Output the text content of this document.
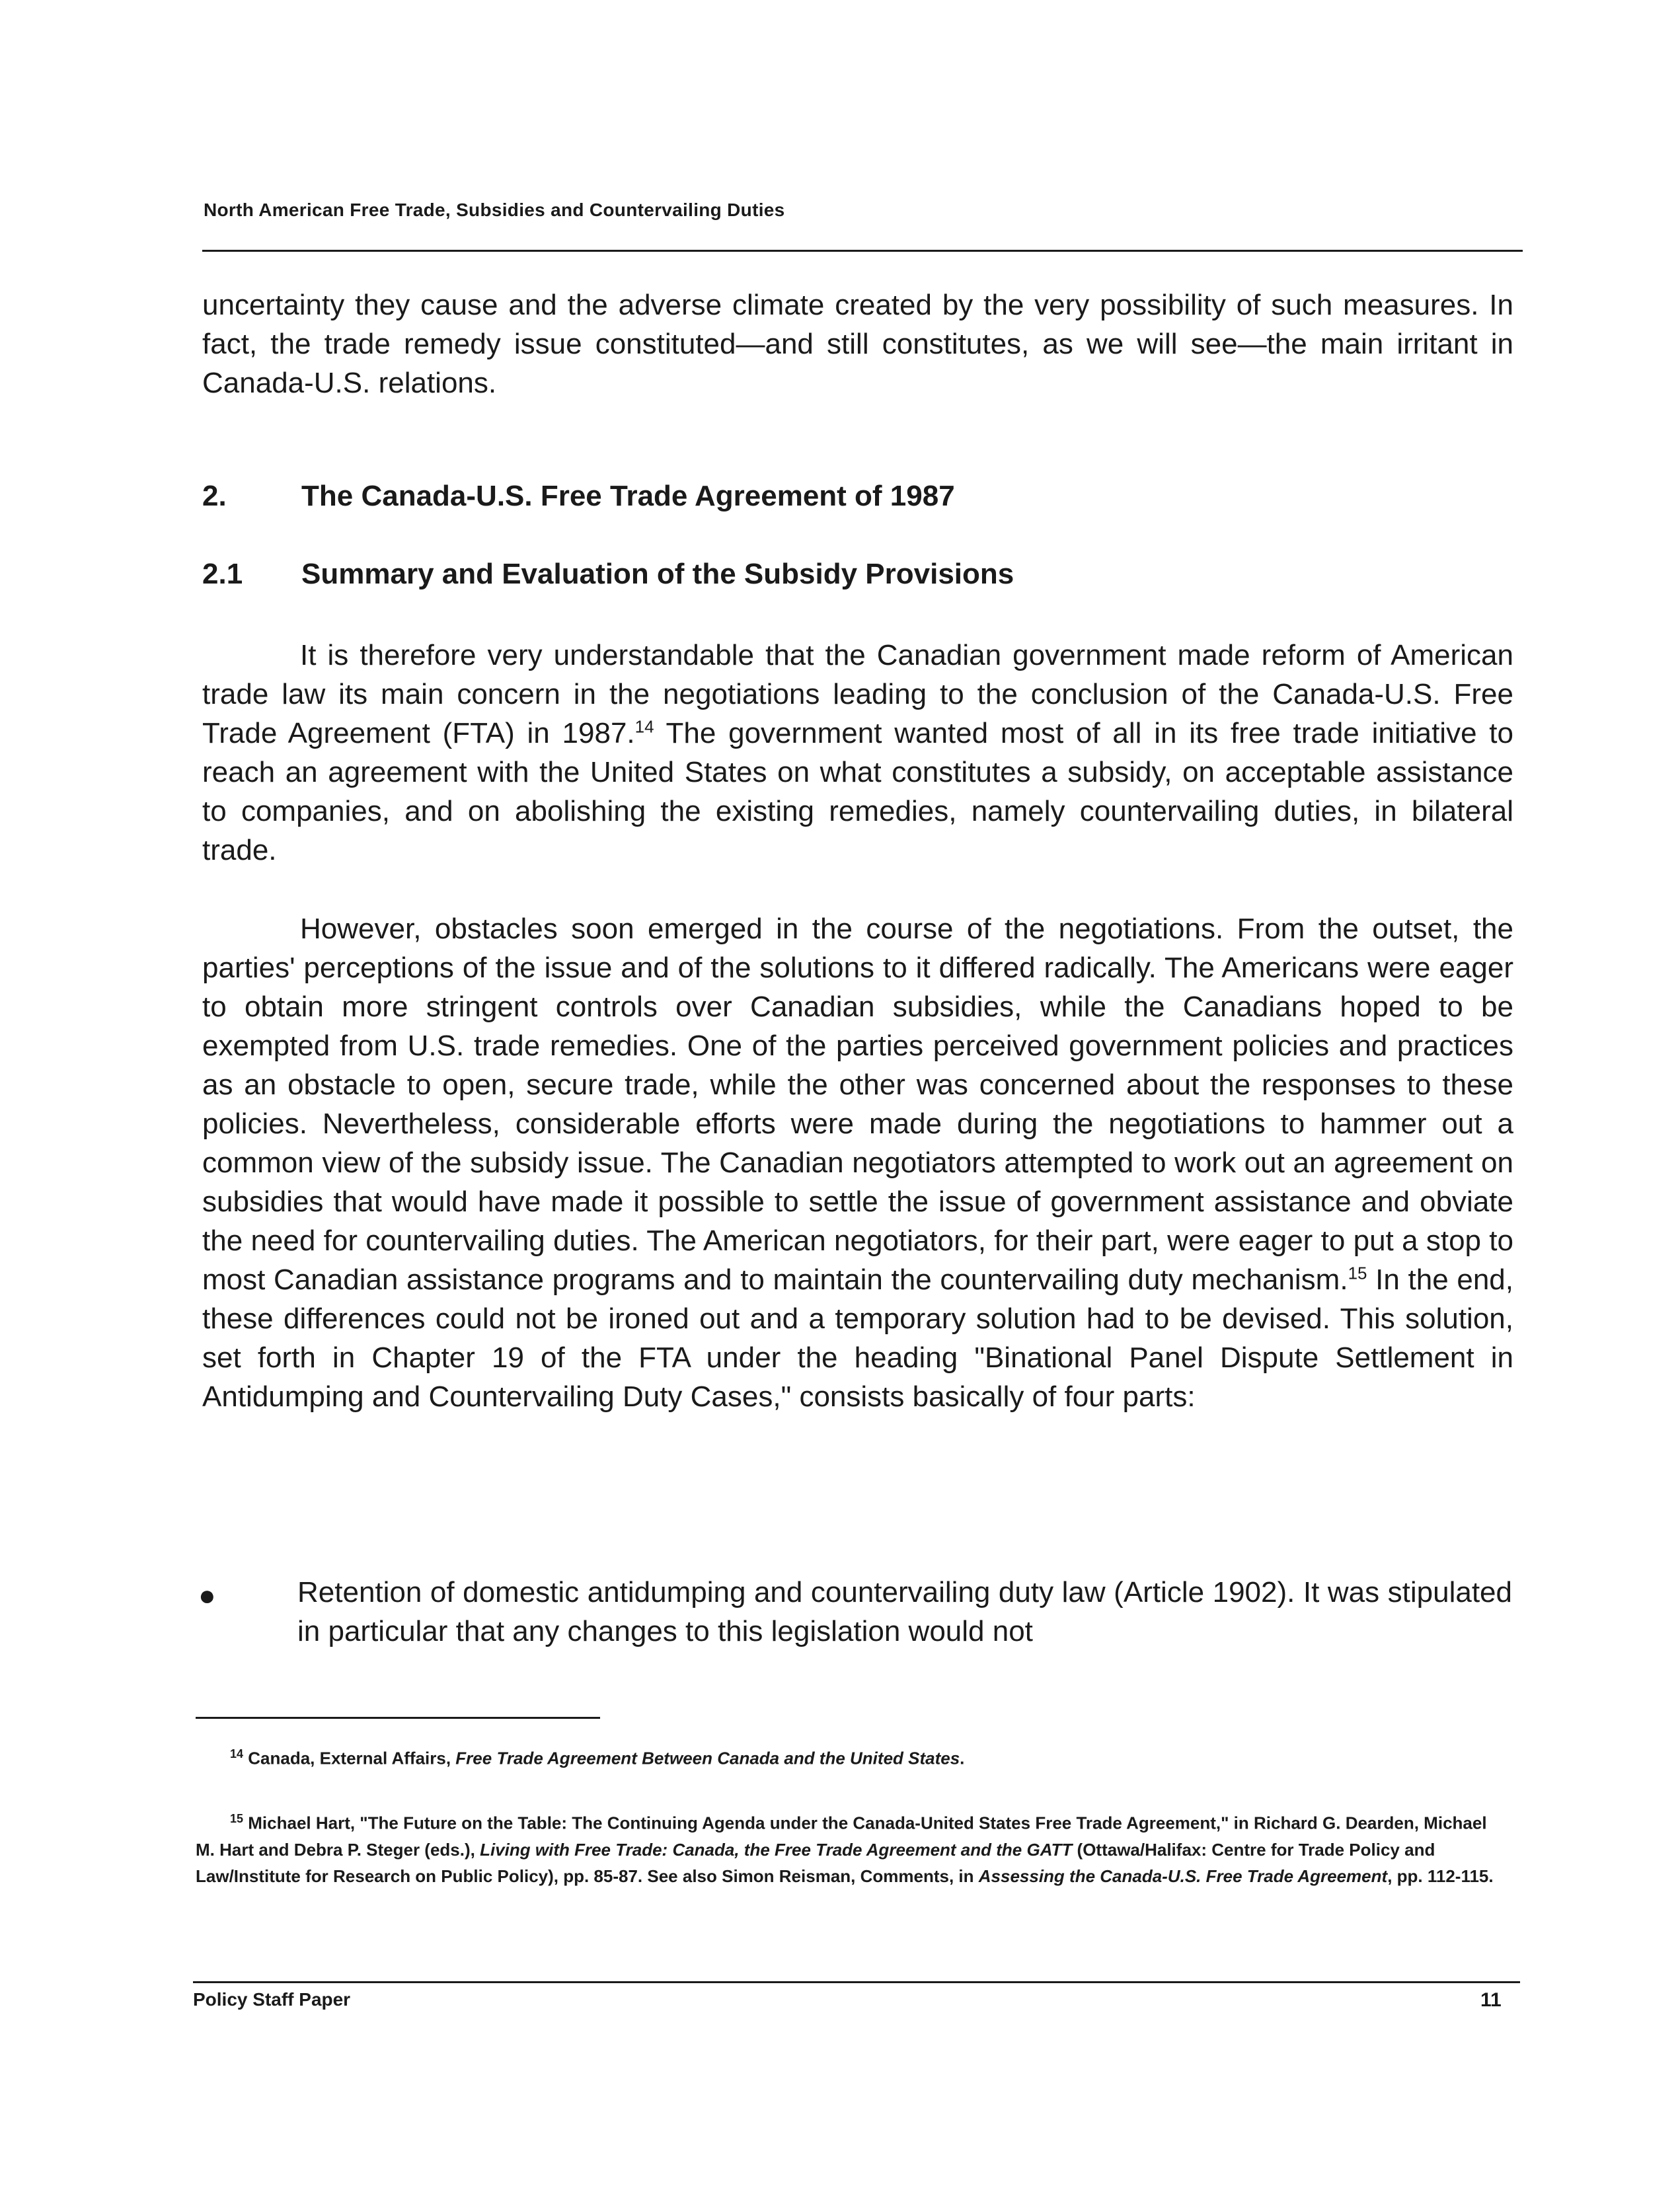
North American Free Trade, Subsidies and Countervailing Duties
uncertainty they cause and the adverse climate created by the very possibility of such measures. In fact, the trade remedy issue constituted—and still constitutes, as we will see—the main irritant in Canada-U.S. relations.
2.	The Canada-U.S. Free Trade Agreement of 1987
2.1 Summary and Evaluation of the Subsidy Provisions
It is therefore very understandable that the Canadian government made reform of American trade law its main concern in the negotiations leading to the conclusion of the Canada-U.S. Free Trade Agreement (FTA) in 1987.14 The government wanted most of all in its free trade initiative to reach an agreement with the United States on what constitutes a subsidy, on acceptable assistance to companies, and on abolishing the existing remedies, namely countervailing duties, in bilateral trade.
However, obstacles soon emerged in the course of the negotiations. From the outset, the parties' perceptions of the issue and of the solutions to it differed radically. The Americans were eager to obtain more stringent controls over Canadian subsidies, while the Canadians hoped to be exempted from U.S. trade remedies. One of the parties perceived government policies and practices as an obstacle to open, secure trade, while the other was concerned about the responses to these policies. Nevertheless, considerable efforts were made during the negotiations to hammer out a common view of the subsidy issue. The Canadian negotiators attempted to work out an agreement on subsidies that would have made it possible to settle the issue of government assistance and obviate the need for countervailing duties. The American negotiators, for their part, were eager to put a stop to most Canadian assistance programs and to maintain the countervailing duty mechanism.$^{15}$ In the end, these differences could not be ironed out and a temporary solution had to be devised. This solution, set forth in Chapter 19 of the FTA under the heading "Binational Panel Dispute Settlement in Antidumping and Countervailing Duty Cases," consists basically of four parts:
●	Retention of domestic antidumping and countervailing duty law (Article 1902). It was stipulated in particular that any changes to this legislation would not
$^{14}$ Canada, External Affairs, Free Trade Agreement Between Canada and the United States.
$^{15}$ Michael Hart, "The Future on the Table: The Continuing Agenda under the Canada-United States Free Trade Agreement," in Richard G. Dearden, Michael M. Hart and Debra P. Steger (eds.), Living with Free Trade: Canada, the Free Trade Agreement and the GATT (Ottawa/Halifax: Centre for Trade Policy and Law/Institute for Research on Public Policy), pp. 85-87. See also Simon Reisman, Comments, in Assessing the Canada-U.S. Free Trade Agreement, pp. 112-115.
Policy Staff Paper	11
